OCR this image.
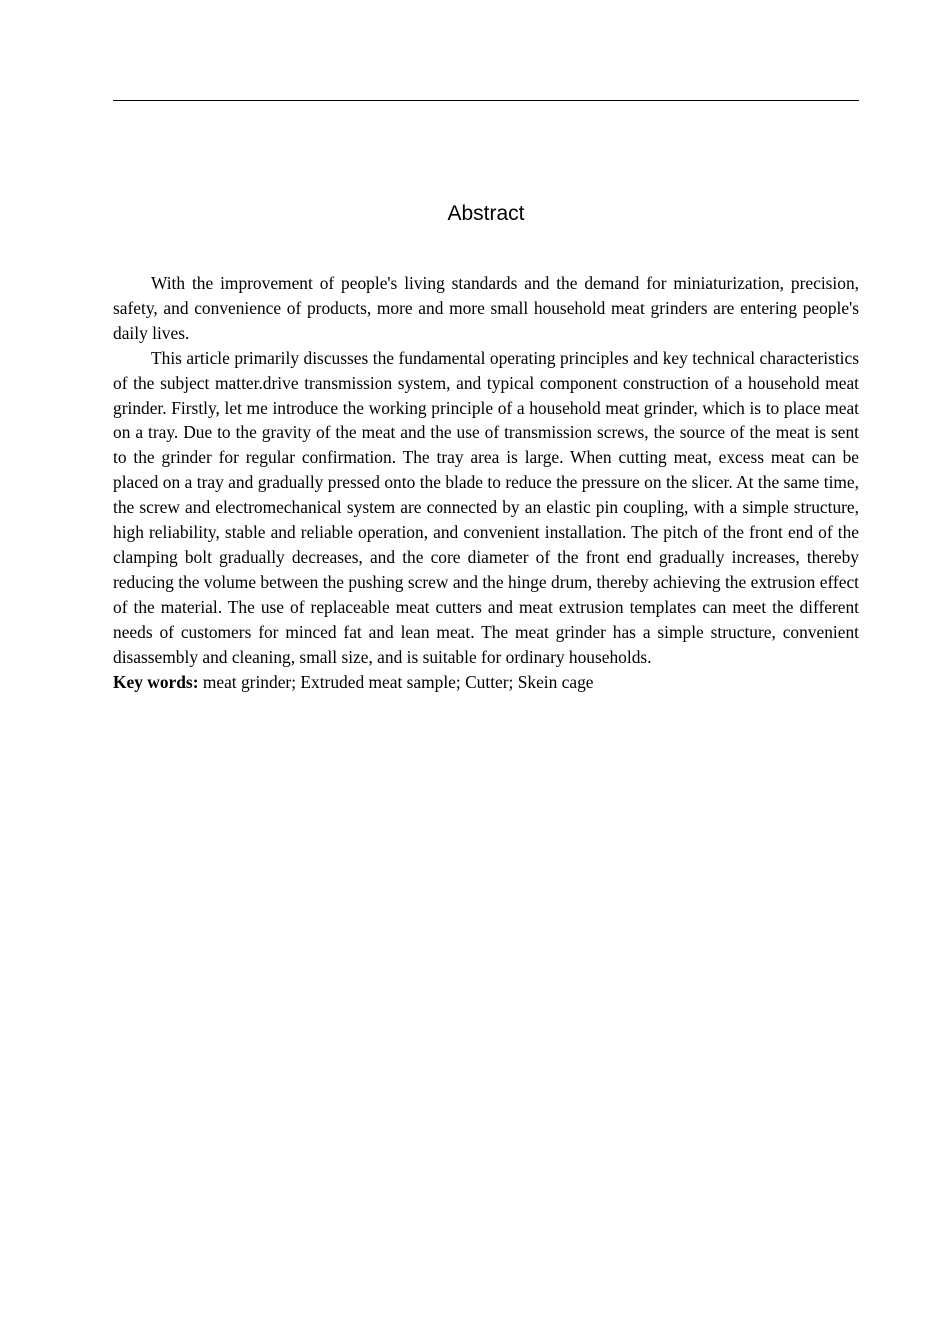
Abstract

With the improvement of people's living standards and the demand for miniaturization, precision, safety, and convenience of products, more and more small household meat grinders are entering people's daily lives.

This article primarily discusses the fundamental operating principles and key technical characteristics of the subject matter.drive transmission system, and typical component construction of a household meat grinder. Firstly, let me introduce the working principle of a household meat grinder, which is to place meat on a tray. Due to the gravity of the meat and the use of transmission screws, the source of the meat is sent to the grinder for regular confirmation. The tray area is large. When cutting meat, excess meat can be placed on a tray and gradually pressed onto the blade to reduce the pressure on the slicer. At the same time, the screw and electromechanical system are connected by an elastic pin coupling, with a simple structure, high reliability, stable and reliable operation, and convenient installation. The pitch of the front end of the clamping bolt gradually decreases, and the core diameter of the front end gradually increases, thereby reducing the volume between the pushing screw and the hinge drum, thereby achieving the extrusion effect of the material. The use of replaceable meat cutters and meat extrusion templates can meet the different needs of customers for minced fat and lean meat. The meat grinder has a simple structure, convenient disassembly and cleaning, small size, and is suitable for ordinary households.

Key words: meat grinder; Extruded meat sample; Cutter; Skein cage
